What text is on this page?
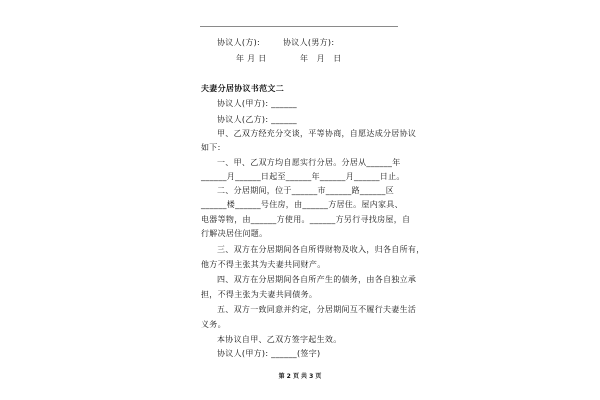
协议人(方):	协议人(男方):
年 月 日	年　月　日
夫妻分居协议书范文二
协议人(甲方): ______
协议人(乙方): ______
甲、乙双方经充分交谈，平等协商，自愿达成分居协议
如下:
一、甲、乙双方均自愿实行分居。分居从______年
______月______日起至______年______月______日止。
二、分居期间，位于______市______路______区
______楼______号住房，由______方居住。屋内家具、
电器等物，由______方使用。______方另行寻找房屋，自
行解决居住问题。
三、双方在分居期间各自所得财物及收入，归各自所有，
他方不得主张其为夫妻共同财产。
四、双方在分居期间各自所产生的债务，由各自独立承
担，不得主张为夫妻共同债务。
五、双方一致同意并约定，分居期间互不履行夫妻生活
义务。
本协议自甲、乙双方签字起生效。
协议人(甲方): ______(签字)
第 2 页 共 3 页
